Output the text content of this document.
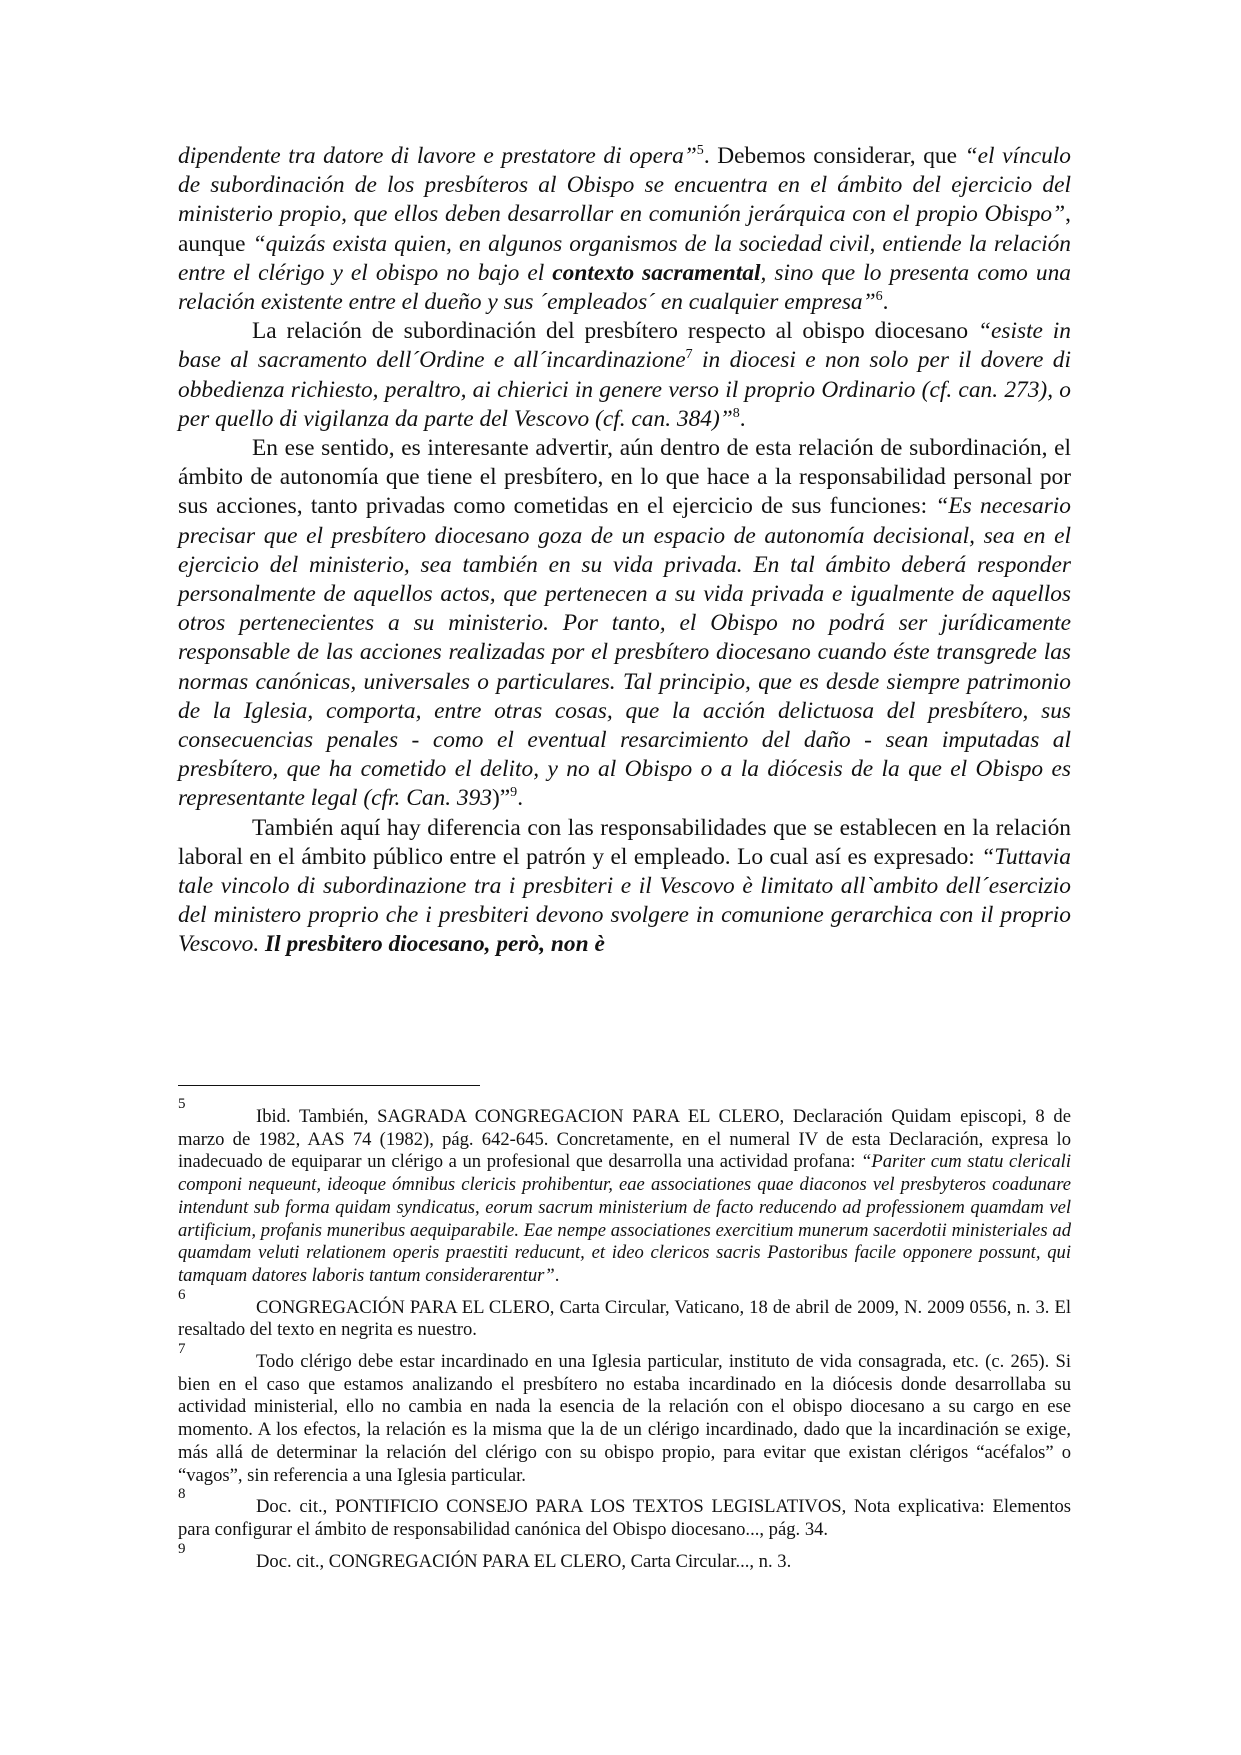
dipendente tra datore di lavore e prestatore di opera”$^5$. Debemos considerar, que “el vínculo de subordinación de los presbíteros al Obispo se encuentra en el ámbito del ejercicio del ministerio propio, que ellos deben desarrollar en comunión jerárquica con el propio Obispo”, aunque “quizás exista quien, en algunos organismos de la sociedad civil, entiende la relación entre el clérigo y el obispo no bajo el contexto sacramental, sino que lo presenta como una relación existente entre el dueño y sus ´empleados´ en cualquier empresa”$^6$.

La relación de subordinación del presbítero respecto al obispo diocesano “esiste in base al sacramento dell´Ordine e all´incardinazione$^7$ in diocesi e non solo per il dovere di obbedienza richiesto, peraltro, ai chierici in genere verso il proprio Ordinario (cf. can. 273), o per quello di vigilanza da parte del Vescovo (cf. can. 384)”$^8$.

En ese sentido, es interesante advertir, aún dentro de esta relación de subordinación, el ámbito de autonomía que tiene el presbítero, en lo que hace a la responsabilidad personal por sus acciones, tanto privadas como cometidas en el ejercicio de sus funciones: “Es necesario precisar que el presbítero diocesano goza de un espacio de autonomía decisional, sea en el ejercicio del ministerio, sea también en su vida privada. En tal ámbito deberá responder personalmente de aquellos actos, que pertenecen a su vida privada e igualmente de aquellos otros pertenecientes a su ministerio. Por tanto, el Obispo no podrá ser jurídicamente responsable de las acciones realizadas por el presbítero diocesano cuando éste transgrede las normas canónicas, universales o particulares. Tal principio, que es desde siempre patrimonio de la Iglesia, comporta, entre otras cosas, que la acción delictuosa del presbítero, sus consecuencias penales - como el eventual resarcimiento del daño - sean imputadas al presbítero, que ha cometido el delito, y no al Obispo o a la diócesis de la que el Obispo es representante legal (cfr. Can. 393)”$^9$.

También aquí hay diferencia con las responsabilidades que se establecen en la relación laboral en el ámbito público entre el patrón y el empleado. Lo cual así es expresado: “Tuttavia tale vincolo di subordinazione tra i presbiteri e il Vescovo è limitato all`ambito dell´esercizio del ministero proprio che i presbiteri devono svolgere in comunione gerarchica con il proprio Vescovo. Il presbitero diocesano, però, non è

5
Ibid. También, SAGRADA CONGREGACION PARA EL CLERO, Declaración Quidam episcopi, 8 de marzo de 1982, AAS 74 (1982), pág. 642-645. Concretamente, en el numeral IV de esta Declaración, expresa lo inadecuado de equiparar un clérigo a un profesional que desarrolla una actividad profana: “Pariter cum statu clericali componi nequeunt, ideoque ómnibus clericis prohibentur, eae associationes quae diaconos vel presbyteros coadunare intendunt sub forma quidam syndicatus, eorum sacrum ministerium de facto reducendo ad professionem quamdam vel artificium, profanis muneribus aequiparabile. Eae nempe associationes exercitium munerum sacerdotii ministeriales ad quamdam veluti relationem operis praestiti reducunt, et ideo clericos sacris Pastoribus facile opponere possunt, qui tamquam datores laboris tantum considerarentur”.
6
CONGREGACIÓN PARA EL CLERO, Carta Circular, Vaticano, 18 de abril de 2009, N. 2009 0556, n. 3. El resaltado del texto en negrita es nuestro.
7
Todo clérigo debe estar incardinado en una Iglesia particular, instituto de vida consagrada, etc. (c. 265). Si bien en el caso que estamos analizando el presbítero no estaba incardinado en la diócesis donde desarrollaba su actividad ministerial, ello no cambia en nada la esencia de la relación con el obispo diocesano a su cargo en ese momento. A los efectos, la relación es la misma que la de un clérigo incardinado, dado que la incardinación se exige, más allá de determinar la relación del clérigo con su obispo propio, para evitar que existan clérigos “acéfalos” o “vagos”, sin referencia a una Iglesia particular.
8
Doc. cit., PONTIFICIO CONSEJO PARA LOS TEXTOS LEGISLATIVOS, Nota explicativa: Elementos para configurar el ámbito de responsabilidad canónica del Obispo diocesano..., pág. 34.
9
Doc. cit., CONGREGACIÓN PARA EL CLERO, Carta Circular..., n. 3.
